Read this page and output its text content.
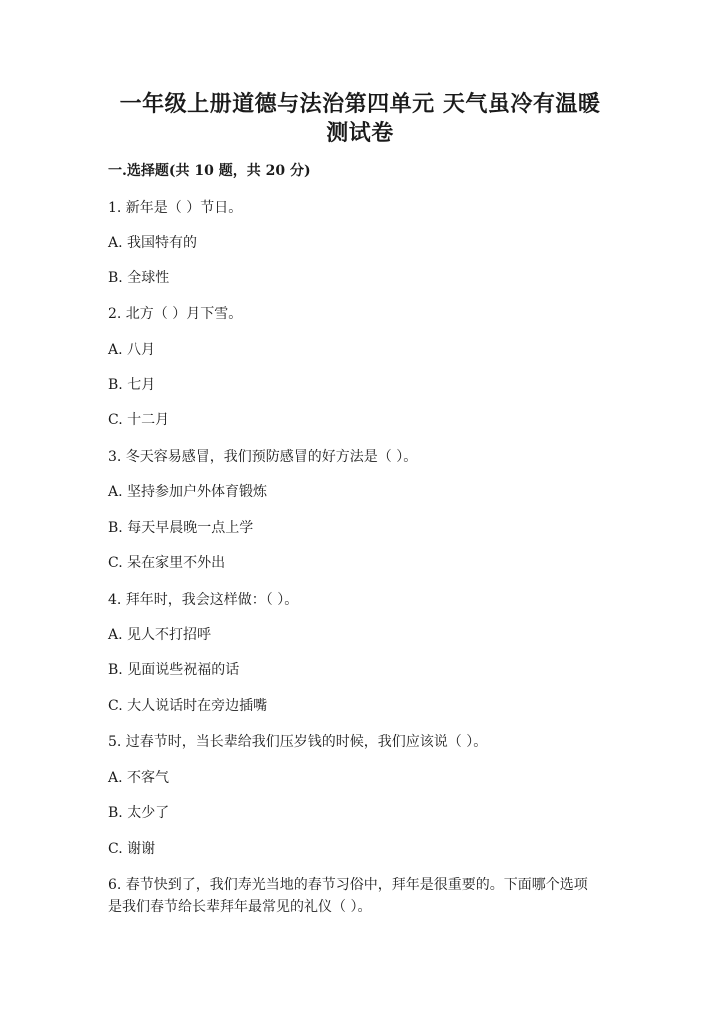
一年级上册道德与法治第四单元 天气虽冷有温暖
测试卷
一.选择题(共 10 题，共 20 分)
1. 新年是（ ）节日。
A. 我国特有的
B. 全球性
2. 北方（ ）月下雪。
A. 八月
B. 七月
C. 十二月
3. 冬天容易感冒，我们预防感冒的好方法是（ ）。
A. 坚持参加户外体育锻炼
B. 每天早晨晚一点上学
C. 呆在家里不外出
4. 拜年时，我会这样做：（ ）。
A. 见人不打招呼
B. 见面说些祝福的话
C. 大人说话时在旁边插嘴
5. 过春节时，当长辈给我们压岁钱的时候，我们应该说（ ）。
A. 不客气
B. 太少了
C. 谢谢
6. 春节快到了，我们寿光当地的春节习俗中，拜年是很重要的。下面哪个选项
是我们春节给长辈拜年最常见的礼仪（ ）。
